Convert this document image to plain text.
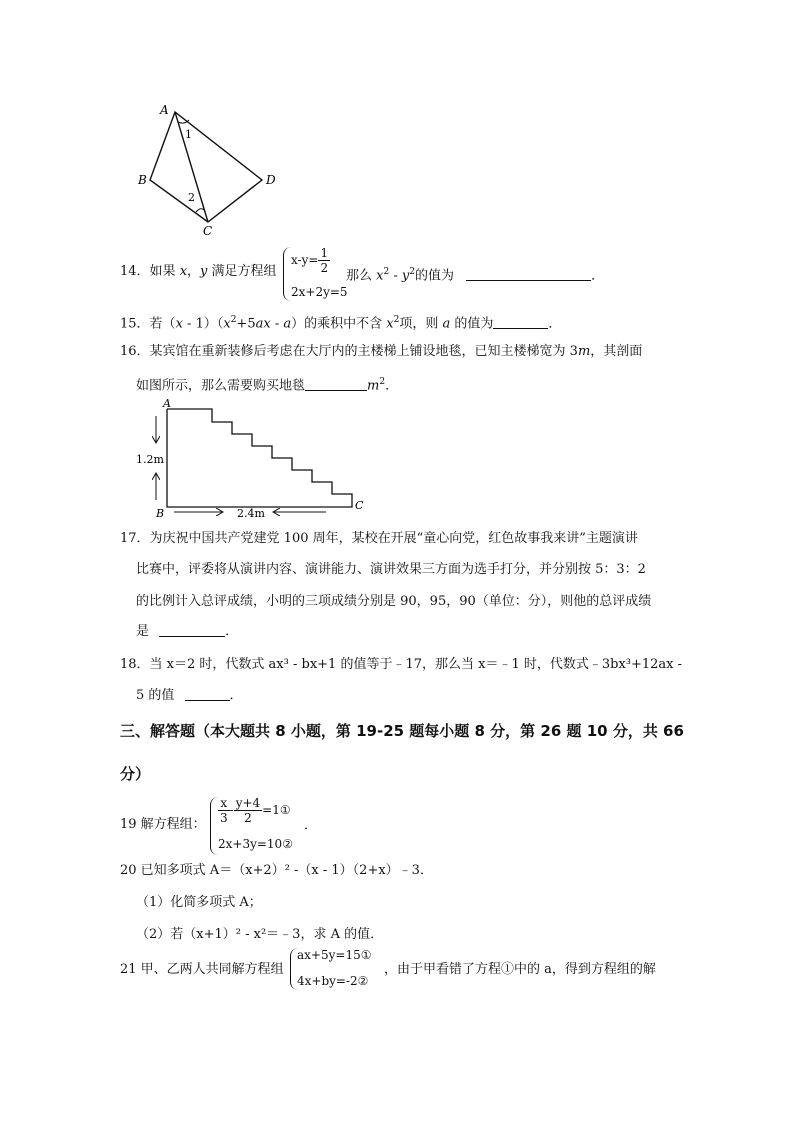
A
B
C
D
1
2
14．如果 x，y 满足方程组
$x-y= \frac{1}{2}$
2x+2y=5
那么 $x^2 - y^2$的值为	．
15．若$(x - 1)(x^2+5ax - a)$的乘积中不含 $x^2$项，则 a 的值为	．
16．某宾馆在重新装修后考虑在大厅内的主楼梯上铺设地毯，已知主楼梯宽为 3m，其剖面
如图所示，那么需要购买地毯	$m^2$．
A
B
C
1.2m
2.4m
17．为庆祝中国共产党建党 100 周年，某校在开展“童心向党，红色故事我来讲”主题演讲
比赛中，评委将从演讲内容、演讲能力、演讲效果三方面为选手打分，并分别按 5：3：2
的比例计入总评成绩，小明的三项成绩分别是 90，95，90（单位：分），则他的总评成绩
是	．
18．当 x＝2 时，代数式 ax³ - bx+1 的值等于﹣17，那么当 x＝﹣1 时，代数式﹣3bx³+12ax -
5 的值	．
三、解答题（本大题共 8 小题，第 19-25 题每小题 8 分，第 26 题 10 分，共 66
分）
19 解方程组： $\frac{x}{3} - \frac{y+4}{2}$ =1①
2x+3y=10②
．
20 已知多项式 A＝（x+2）² -（x - 1）（2+x）﹣3．
（1）化简多项式 A；
（2）若（x+1）² - x²＝﹣3，求 A 的值．
21 甲、乙两人共同解方程组
ax+5y=15①
4x+by=-2②
，由于甲看错了方程①中的 a，得到方程组的解
